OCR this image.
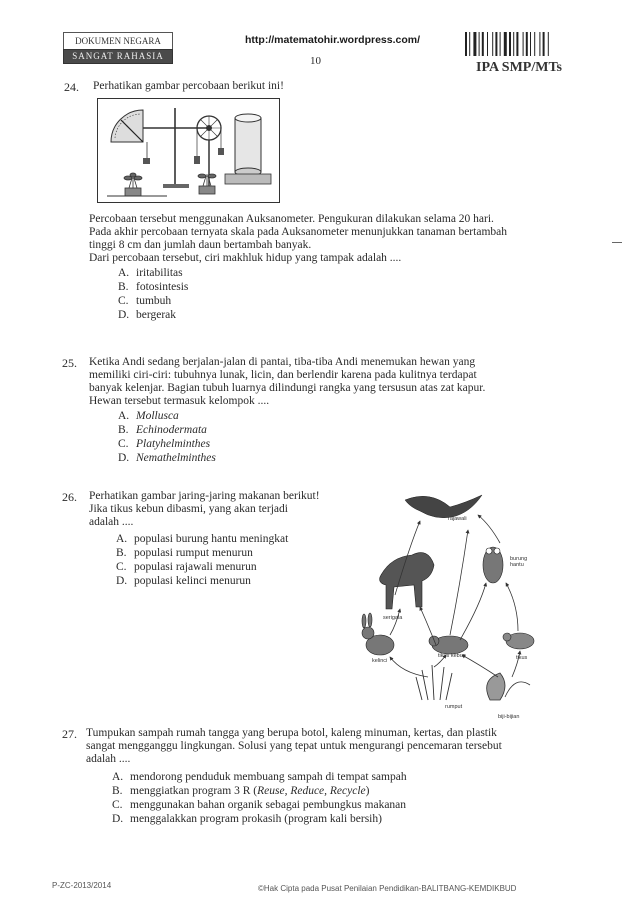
DOKUMEN NEGARA
SANGAT RAHASIA
http://matematohir.wordpress.com/
10	IPA SMP/MTs
24. Perhatikan gambar percobaan berikut ini!
Percobaan tersebut menggunakan Auksanometer. Pengukuran dilakukan selama 20 hari.
Pada akhir percobaan ternyata skala pada Auksanometer menunjukkan tanaman bertambah
tinggi 8 cm dan jumlah daun bertambah banyak.
Dari percobaan tersebut, ciri makhluk hidup yang tampak adalah ....
A. iritabilitas
B. fotosintesis
C. tumbuh
D. bergerak
25. Ketika Andi sedang berjalan-jalan di pantai, tiba-tiba Andi menemukan hewan yang
memiliki ciri-ciri: tubuhnya lunak, licin, dan berlendir karena pada kulitnya terdapat
banyak kelenjar. Bagian tubuh luarnya dilindungi rangka yang tersusun atas zat kapur.
Hewan tersebut termasuk kelompok ....
A. Mollusca
B. Echinodermata
C. Platyhelminthes
D. Nemathelminthes
26. Perhatikan gambar jaring-jaring makanan berikut!
Jika tikus kebun dibasmi, yang akan terjadi
adalah ....
A. populasi burung hantu meningkat
B. populasi rumput menurun
C. populasi rajawali menurun
D. populasi kelinci menurun
rajawali
burung hantu
serigala
tikus kebun
kelinci	tikus
rumput
biji-bijian
27. Tumpukan sampah rumah tangga yang berupa botol, kaleng minuman, kertas, dan plastik
sangat mengganggu lingkungan. Solusi yang tepat untuk mengurangi pencemaran tersebut
adalah ....
A. mendorong penduduk membuang sampah di tempat sampah
B. menggiatkan program 3 R (Reuse, Reduce, Recycle)
C. menggunakan bahan organik sebagai pembungkus makanan
D. menggalakkan program prokasih (program kali bersih)
P-ZC-2013/2014	©Hak Cipta pada Pusat Penilaian Pendidikan-BALITBANG-KEMDIKBUD
